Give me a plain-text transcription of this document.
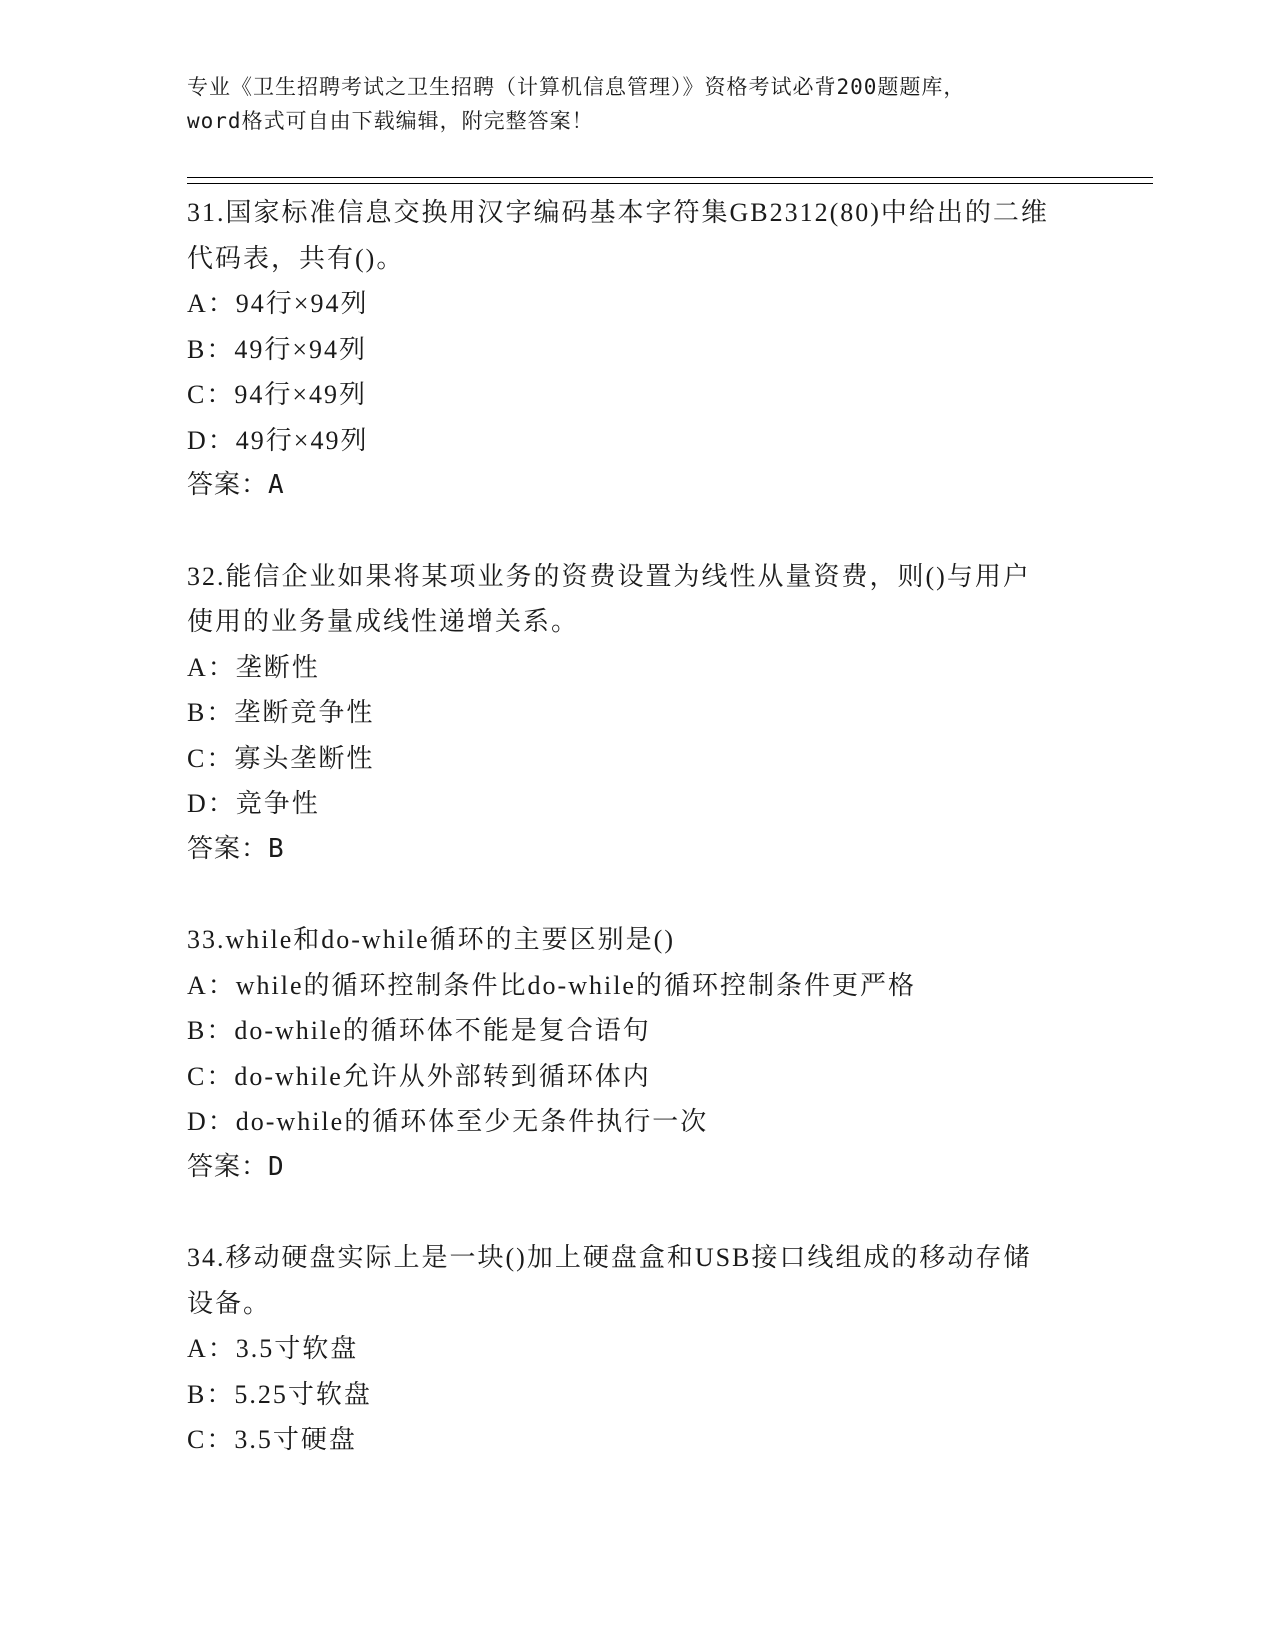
专业《卫生招聘考试之卫生招聘（计算机信息管理）》资格考试必背200题题库，
word格式可自由下载编辑，附完整答案！
31.国家标准信息交换用汉字编码基本字符集GB2312(80)中给出的二维
代码表，共有()。
A：94行×94列
B：49行×94列
C：94行×49列
D：49行×49列
答案：A
32.能信企业如果将某项业务的资费设置为线性从量资费，则()与用户
使用的业务量成线性递增关系。
A：垄断性
B：垄断竞争性
C：寡头垄断性
D：竞争性
答案：B
33.while和do-while循环的主要区别是()
A：while的循环控制条件比do-while的循环控制条件更严格
B：do-while的循环体不能是复合语句
C：do-while允许从外部转到循环体内
D：do-while的循环体至少无条件执行一次
答案：D
34.移动硬盘实际上是一块()加上硬盘盒和USB接口线组成的移动存储
设备。
A：3.5寸软盘
B：5.25寸软盘
C：3.5寸硬盘
